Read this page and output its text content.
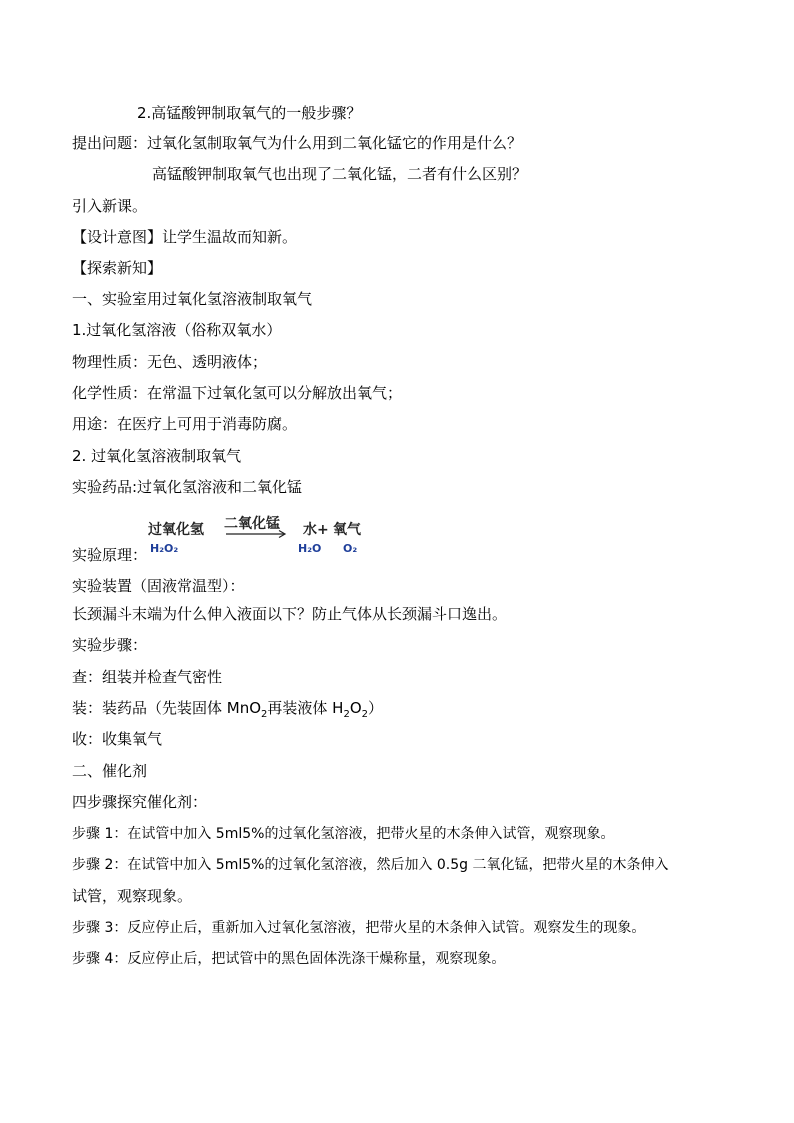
2.高锰酸钾制取氧气的一般步骤？
提出问题：过氧化氢制取氧气为什么用到二氧化锰它的作用是什么？
高锰酸钾制取氧气也出现了二氧化锰，二者有什么区别？
引入新课。
【设计意图】让学生温故而知新。
【探索新知】
一、实验室用过氧化氢溶液制取氧气
1.过氧化氢溶液（俗称双氧水）
物理性质：无色、透明液体；
化学性质：在常温下过氧化氢可以分解放出氧气；
用途：在医疗上可用于消毒防腐。
2. 过氧化氢溶液制取氧气
实验药品:过氧化氢溶液和二氧化锰
过氧化氢
H₂O₂
二氧化锰 → 水+
H₂O
氧气
O₂
实验原理：
实验装置（固液常温型）：
长颈漏斗末端为什么伸入液面以下？防止气体从长颈漏斗口逸出。
实验步骤：
查：组装并检查气密性
装：装药品（先装固体 MnO$_2$再装液体 $H_2O_2$）
收：收集氧气
二、催化剂
四步骤探究催化剂：
步骤 1：在试管中加入 5ml5%的过氧化氢溶液，把带火星的木条伸入试管，观察现象。
步骤 2：在试管中加入 5ml5%的过氧化氢溶液，然后加入 0.5g 二氧化锰，把带火星的木条伸入
试管，观察现象。
步骤 3：反应停止后，重新加入过氧化氢溶液，把带火星的木条伸入试管。观察发生的现象。
步骤 4：反应停止后，把试管中的黑色固体洗涤干燥称量，观察现象。
